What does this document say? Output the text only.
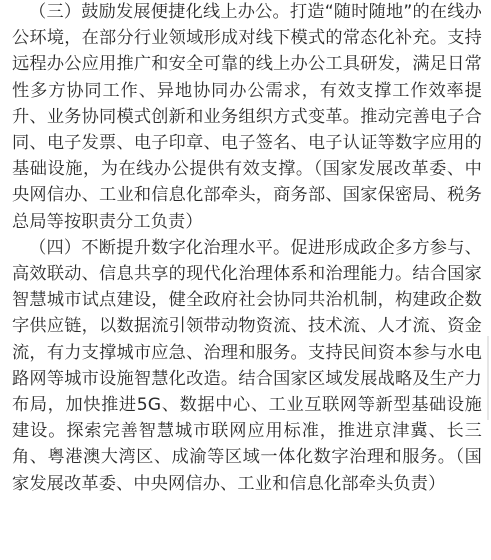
（三）鼓励发展便捷化线上办公。打造“随时随地”的在线办公环境，在部分行业领域形成对线下模式的常态化补充。支持远程办公应用推广和安全可靠的线上办公工具研发，满足日常性多方协同工作、异地协同办公需求，有效支撑工作效率提升、业务协同模式创新和业务组织方式变革。推动完善电子合同、电子发票、电子印章、电子签名、电子认证等数字应用的基础设施，为在线办公提供有效支撑。（国家发展改革委、中央网信办、工业和信息化部牵头，商务部、国家保密局、税务总局等按职责分工负责）

（四）不断提升数字化治理水平。促进形成政企多方参与、高效联动、信息共享的现代化治理体系和治理能力。结合国家智慧城市试点建设，健全政府社会协同共治机制，构建政企数字供应链，以数据流引领带动物资流、技术流、人才流、资金流，有力支撑城市应急、治理和服务。支持民间资本参与水电路网等城市设施智慧化改造。结合国家区域发展战略及生产力布局，加快推进5G、数据中心、工业互联网等新型基础设施建设。探索完善智慧城市联网应用标准，推进京津冀、长三角、粤港澳大湾区、成渝等区域一体化数字治理和服务。（国家发展改革委、中央网信办、工业和信息化部牵头负责）
